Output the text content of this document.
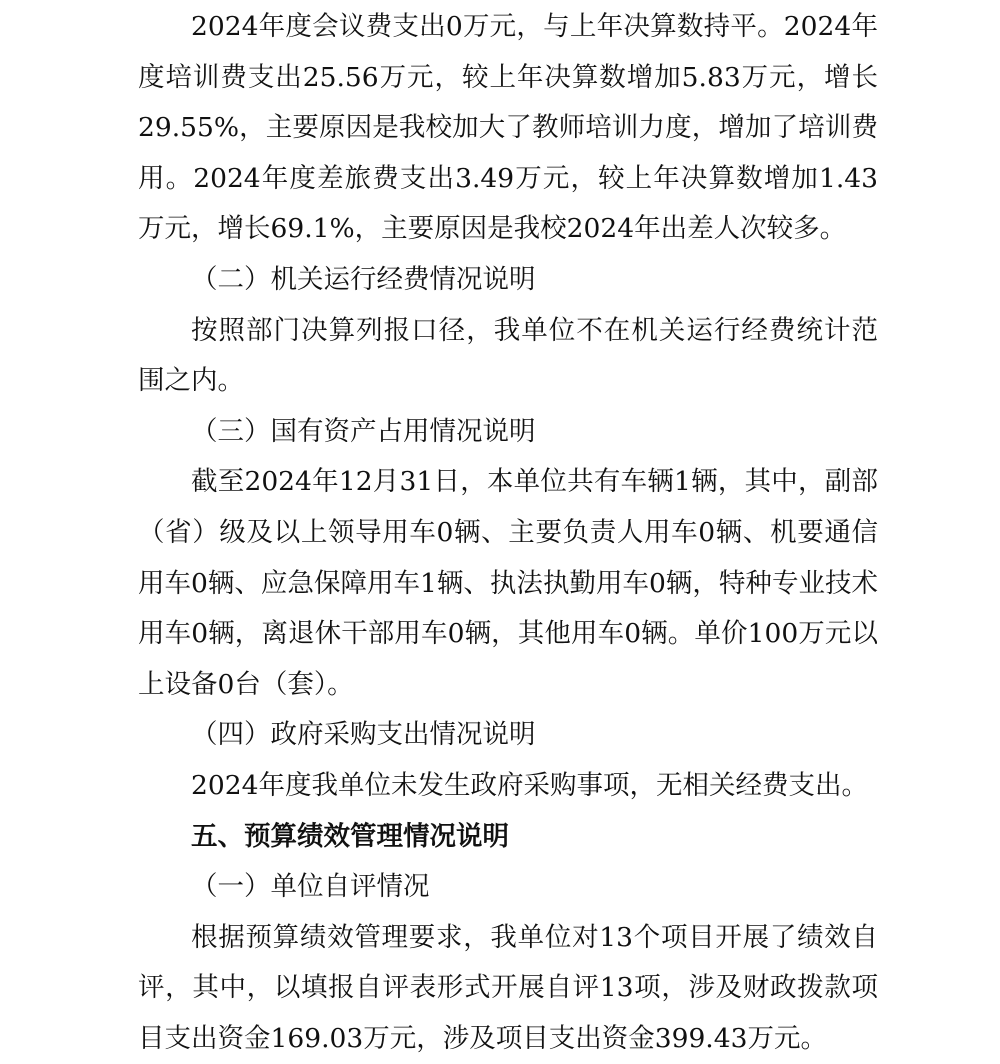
2024年度会议费支出0万元，与上年决算数持平。2024年度培训费支出25.56万元，较上年决算数增加5.83万元，增长29.55%，主要原因是我校加大了教师培训力度，增加了培训费用。2024年度差旅费支出3.49万元，较上年决算数增加1.43万元，增长69.1%，主要原因是我校2024年出差人次较多。

（二）机关运行经费情况说明

按照部门决算列报口径，我单位不在机关运行经费统计范围之内。

（三）国有资产占用情况说明

截至2024年12月31日，本单位共有车辆1辆，其中，副部（省）级及以上领导用车0辆、主要负责人用车0辆、机要通信用车0辆、应急保障用车1辆、执法执勤用车0辆，特种专业技术用车0辆，离退休干部用车0辆，其他用车0辆。单价100万元以上设备0台（套）。

（四）政府采购支出情况说明

2024年度我单位未发生政府采购事项，无相关经费支出。

五、预算绩效管理情况说明
（一）单位自评情况

根据预算绩效管理要求，我单位对13个项目开展了绩效自评，其中，以填报自评表形式开展自评13项，涉及财政拨款项目支出资金169.03万元，涉及项目支出资金399.43万元。
